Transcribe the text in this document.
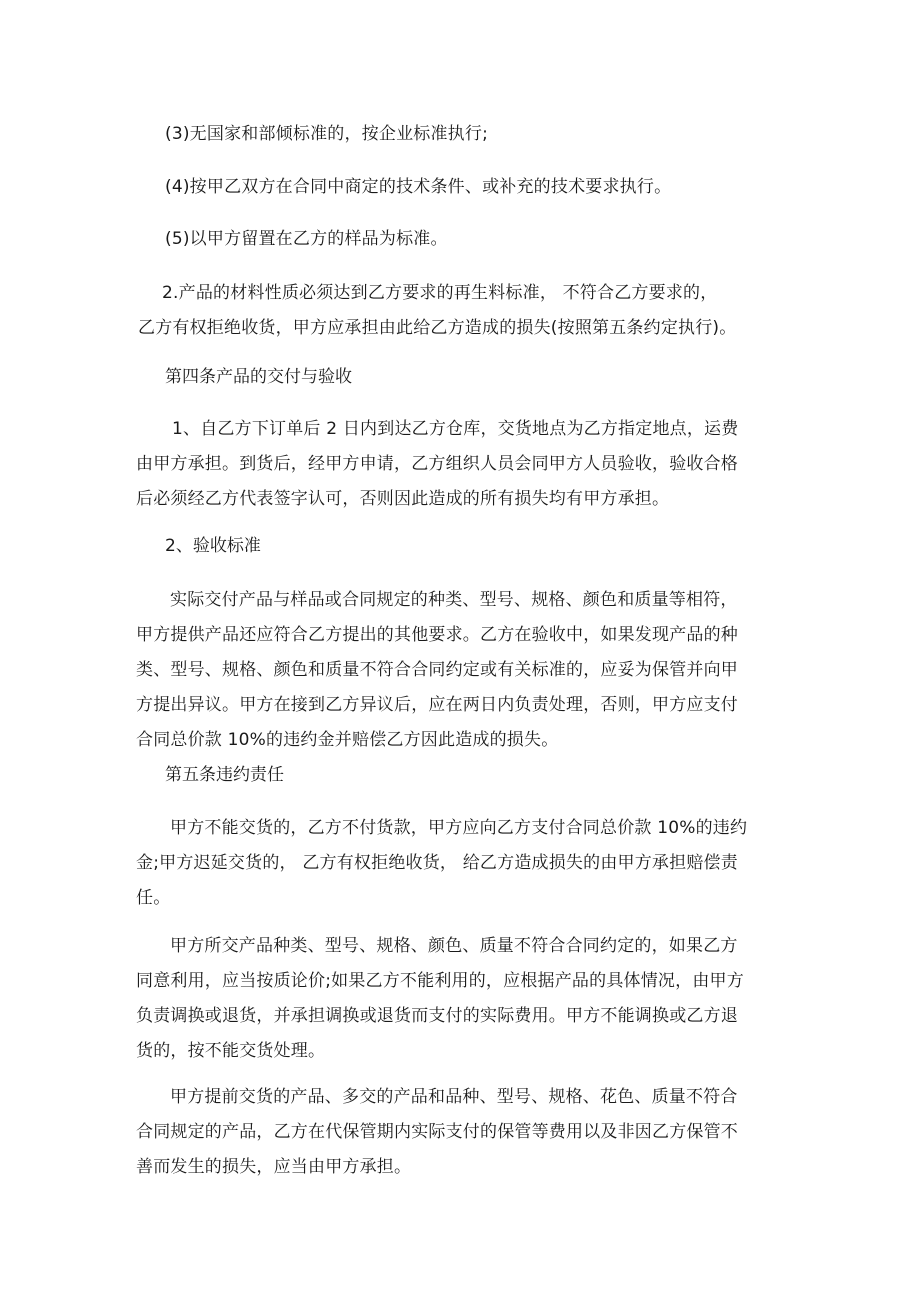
(3)无国家和部倾标准的，按企业标准执行;

(4)按甲乙双方在合同中商定的技术条件、或补充的技术要求执行。

(5)以甲方留置在乙方的样品为标准。

2.产品的材料性质必须达到乙方要求的再生料标准， 不符合乙方要求的，
乙方有权拒绝收货，甲方应承担由此给乙方造成的损失(按照第五条约定执行)。

第四条产品的交付与验收

1、自乙方下订单后 2 日内到达乙方仓库，交货地点为乙方指定地点，运费
由甲方承担。到货后，经甲方申请，乙方组织人员会同甲方人员验收，验收合格
后必须经乙方代表签字认可，否则因此造成的所有损失均有甲方承担。

2、验收标准

实际交付产品与样品或合同规定的种类、型号、规格、颜色和质量等相符，
甲方提供产品还应符合乙方提出的其他要求。乙方在验收中，如果发现产品的种
类、型号、规格、颜色和质量不符合合同约定或有关标准的，应妥为保管并向甲
方提出异议。甲方在接到乙方异议后，应在两日内负责处理，否则，甲方应支付
合同总价款 10%的违约金并赔偿乙方因此造成的损失。

第五条违约责任

甲方不能交货的，乙方不付货款，甲方应向乙方支付合同总价款 10%的违约
金;甲方迟延交货的， 乙方有权拒绝收货， 给乙方造成损失的由甲方承担赔偿责
任。

甲方所交产品种类、型号、规格、颜色、质量不符合合同约定的，如果乙方
同意利用，应当按质论价;如果乙方不能利用的，应根据产品的具体情况，由甲方
负责调换或退货，并承担调换或退货而支付的实际费用。甲方不能调换或乙方退
货的，按不能交货处理。

甲方提前交货的产品、多交的产品和品种、型号、规格、花色、质量不符合
合同规定的产品，乙方在代保管期内实际支付的保管等费用以及非因乙方保管不
善而发生的损失，应当由甲方承担。
